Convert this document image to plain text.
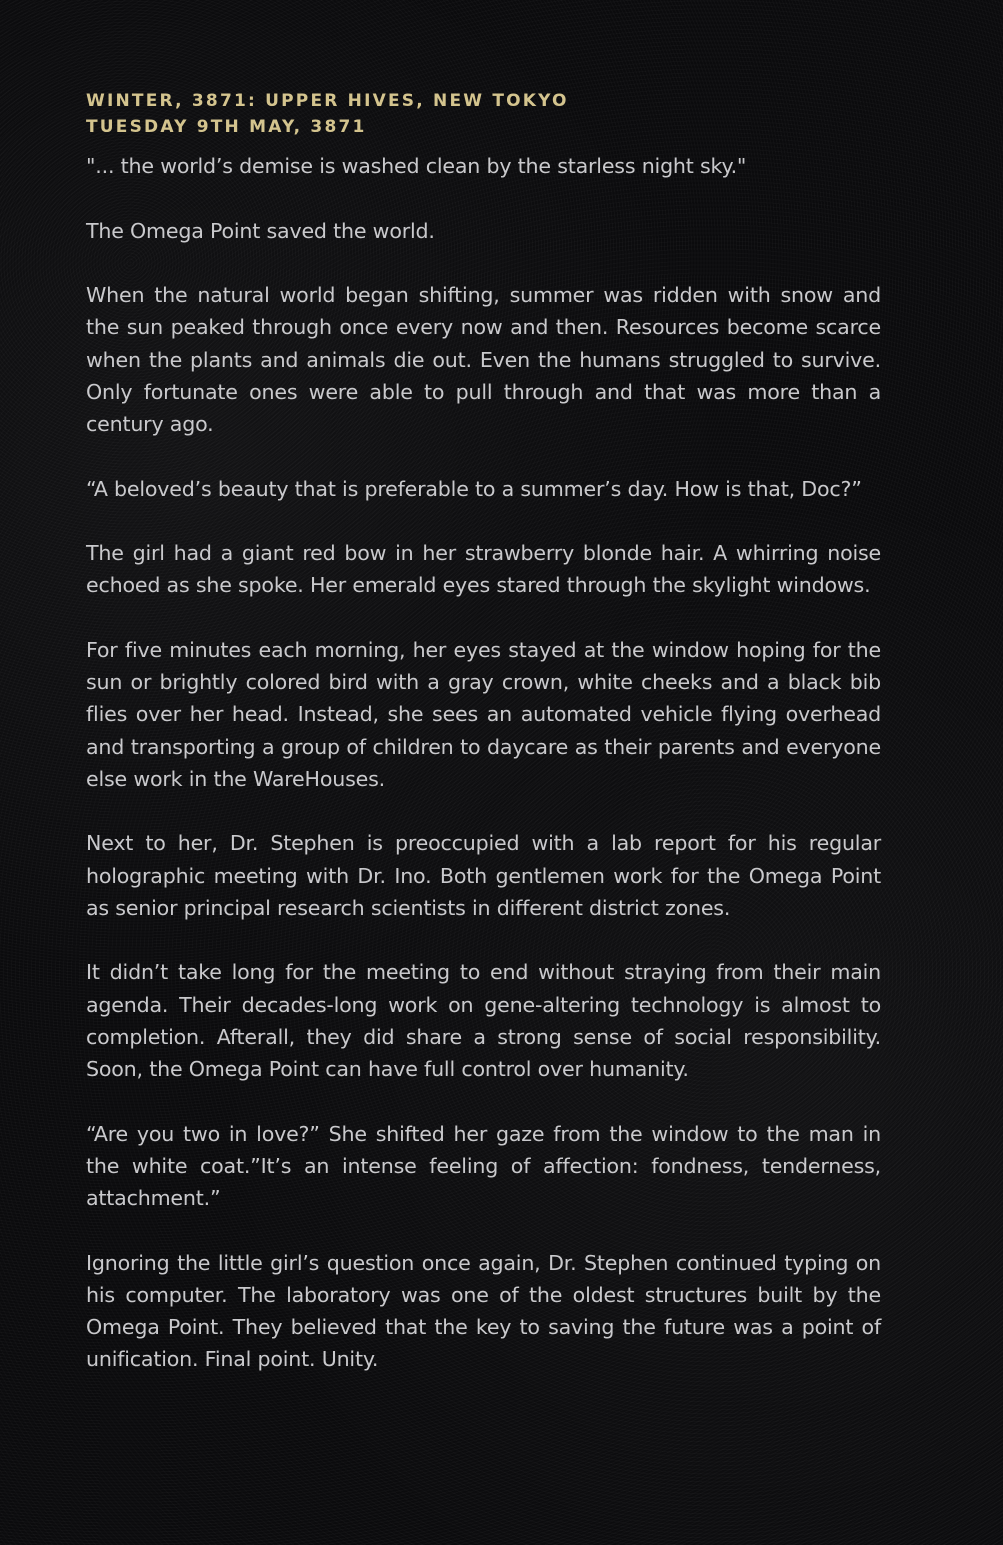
WINTER, 3871: UPPER HIVES, NEW TOKYO

TUESDAY 9TH MAY, 3871

"... the world’s demise is washed clean by the starless night sky."

The Omega Point saved the world.

When the natural world began shifting, summer was ridden with snow and the sun peaked through once every now and then. Resources become scarce when the plants and animals die out. Even the humans struggled to survive. Only fortunate ones were able to pull through and that was more than a century ago.

“A beloved’s beauty that is preferable to a summer’s day. How is that, Doc?”

The girl had a giant red bow in her strawberry blonde hair. A whirring noise echoed as she spoke. Her emerald eyes stared through the skylight windows.

For five minutes each morning, her eyes stayed at the window hoping for the sun or brightly colored bird with a gray crown, white cheeks and a black bib flies over her head. Instead, she sees an automated vehicle flying overhead and transporting a group of children to daycare as their parents and everyone else work in the WareHouses.

Next to her, Dr. Stephen is preoccupied with a lab report for his regular holographic meeting with Dr. Ino. Both gentlemen work for the Omega Point as senior principal research scientists in different district zones.

It didn’t take long for the meeting to end without straying from their main agenda. Their decades-long work on gene-altering technology is almost to completion. Afterall, they did share a strong sense of social responsibility. Soon, the Omega Point can have full control over humanity.

“Are you two in love?” She shifted her gaze from the window to the man in the white coat.”It’s an intense feeling of affection: fondness, tenderness, attachment.”

Ignoring the little girl’s question once again, Dr. Stephen continued typing on his computer. The laboratory was one of the oldest structures built by the Omega Point. They believed that the key to saving the future was a point of unification. Final point. Unity.
